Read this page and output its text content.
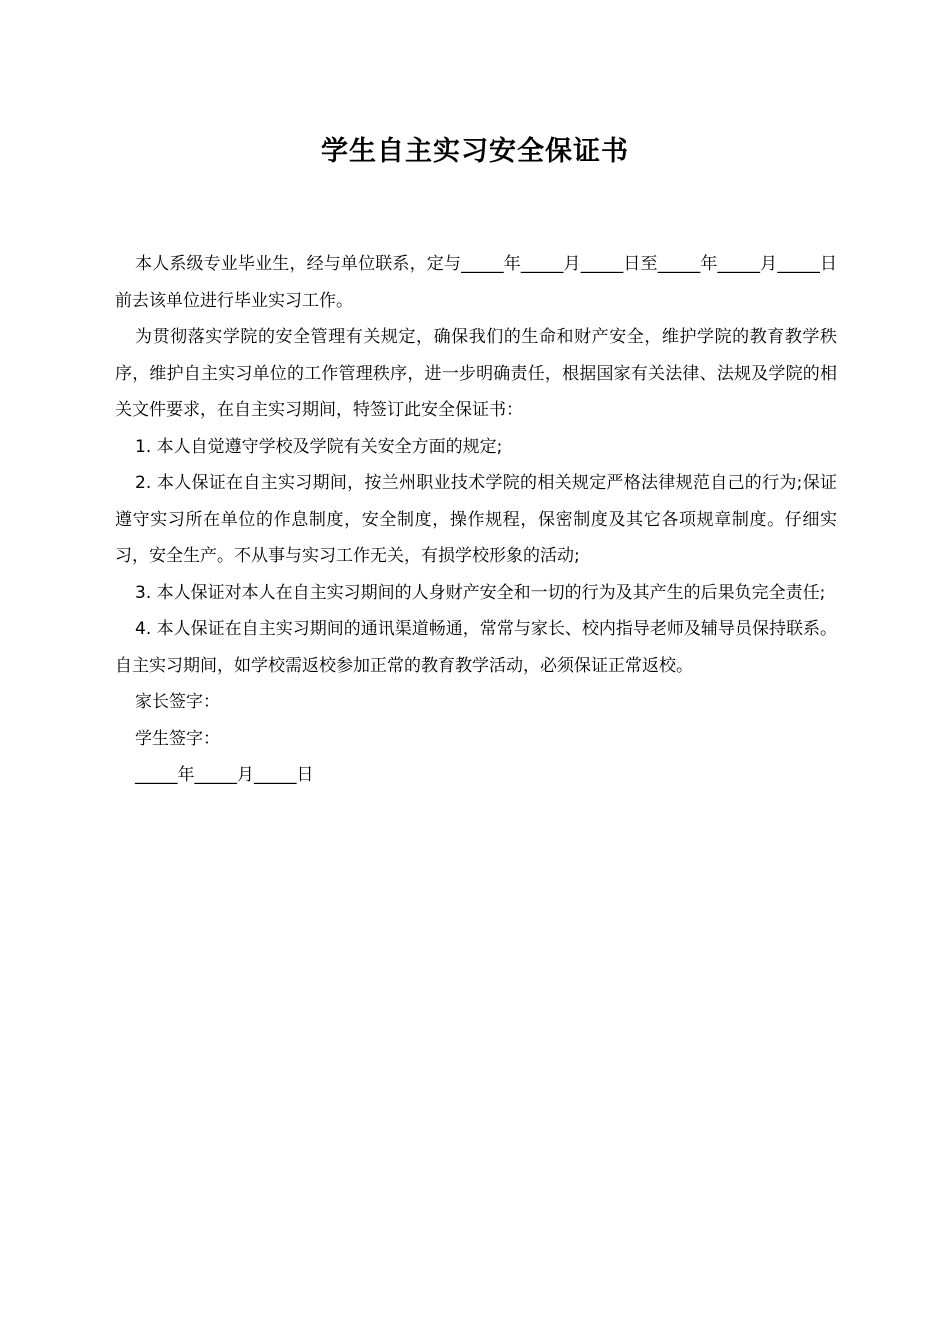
学生自主实习安全保证书

本人系级专业毕业生，经与单位联系，定与_____年_____月_____日至_____年_____月_____日前去该单位进行毕业实习工作。

为贯彻落实学院的安全管理有关规定，确保我们的生命和财产安全，维护学院的教育教学秩序，维护自主实习单位的工作管理秩序，进一步明确责任，根据国家有关法律、法规及学院的相关文件要求，在自主实习期间，特签订此安全保证书：

1. 本人自觉遵守学校及学院有关安全方面的规定;

2. 本人保证在自主实习期间，按兰州职业技术学院的相关规定严格法律规范自己的行为;保证遵守实习所在单位的作息制度，安全制度，操作规程，保密制度及其它各项规章制度。仔细实习，安全生产。不从事与实习工作无关，有损学校形象的活动;

3. 本人保证对本人在自主实习期间的人身财产安全和一切的行为及其产生的后果负完全责任;

4. 本人保证在自主实习期间的通讯渠道畅通，常常与家长、校内指导老师及辅导员保持联系。自主实习期间，如学校需返校参加正常的教育教学活动，必须保证正常返校。

家长签字：

学生签字：

_____年_____月_____日
